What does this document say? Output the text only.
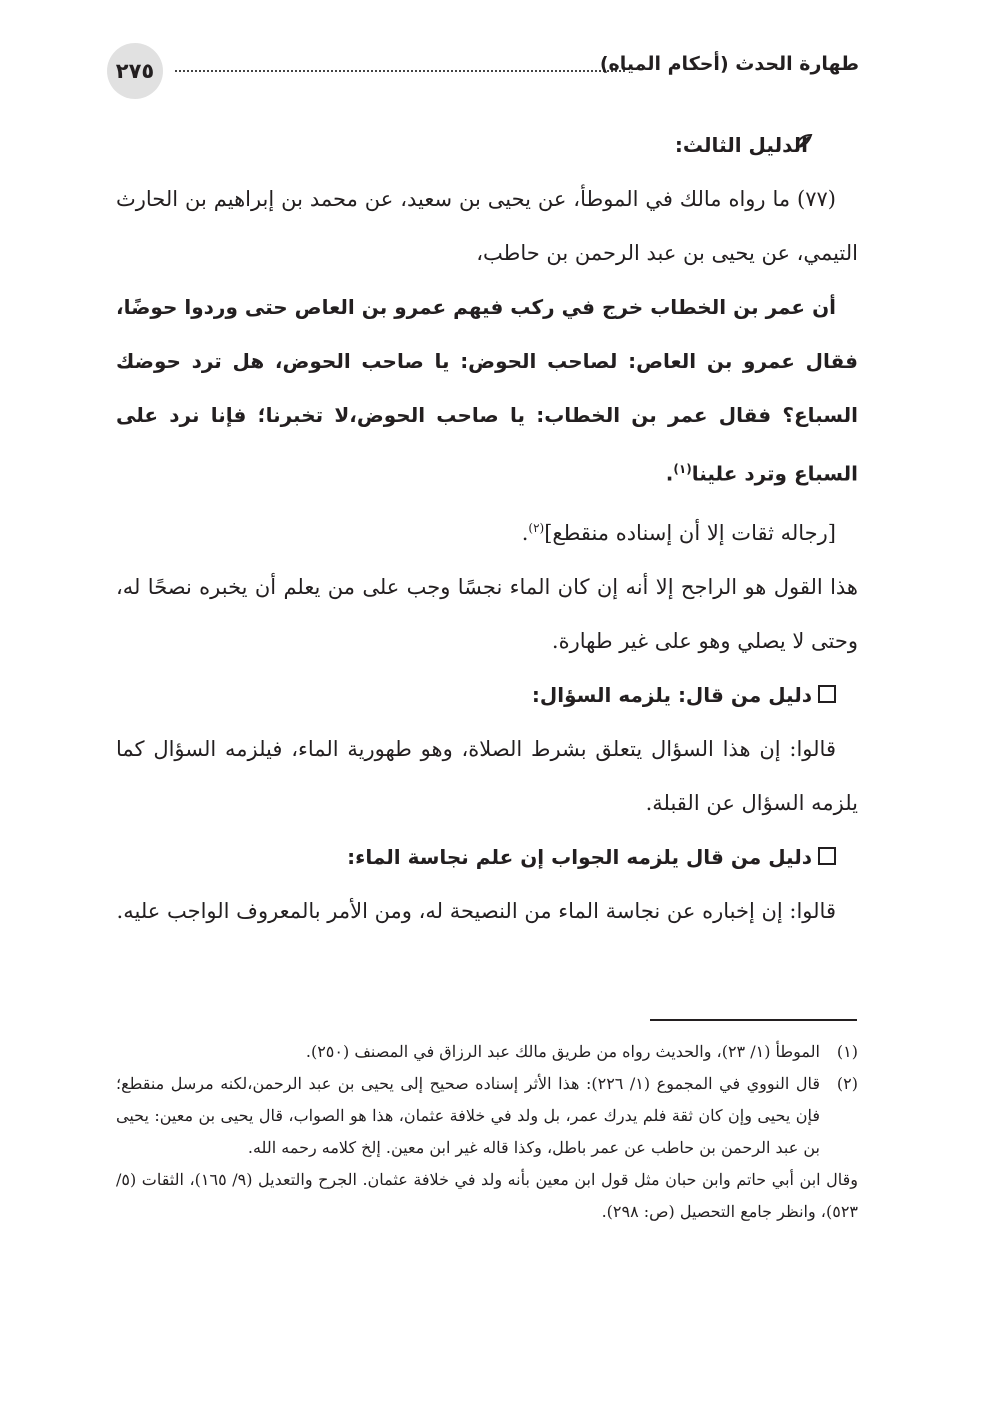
٢٧٥	طهارة الحدث (أحكام المياه)

الدليل الثالث:

(٧٧) ما رواه مالك في الموطأ، عن يحيى بن سعيد، عن محمد بن إبراهيم بن الحارث التيمي، عن يحيى بن عبد الرحمن بن حاطب،

أن عمر بن الخطاب خرج في ركب فيهم عمرو بن العاص حتى وردوا حوضًا، فقال عمرو بن العاص: لصاحب الحوض: يا صاحب الحوض، هل ترد حوضك السباع؟ فقال عمر بن الخطاب: يا صاحب الحوض،لا تخبرنا؛ فإنا نرد على السباع وترد علينا$^{(١)}$.

[رجاله ثقات إلا أن إسناده منقطع]$^{(٢)}$.

هذا القول هو الراجح إلا أنه إن كان الماء نجسًا وجب على من يعلم أن يخبره نصحًا له، وحتى لا يصلي وهو على غير طهارة.

دليل من قال: يلزمه السؤال:

قالوا: إن هذا السؤال يتعلق بشرط الصلاة، وهو طهورية الماء، فيلزمه السؤال كما يلزمه السؤال عن القبلة.

دليل من قال يلزمه الجواب إن علم نجاسة الماء:

قالوا: إن إخباره عن نجاسة الماء من النصيحة له، ومن الأمر بالمعروف الواجب عليه.

(١)
الموطأ (١/ ٢٣)، والحديث رواه من طريق مالك عبد الرزاق في المصنف (٢٥٠).
(٢)
قال النووي في المجموع (١/ ٢٢٦): هذا الأثر إسناده صحيح إلى يحيى بن عبد الرحمن،لكنه مرسل منقطع؛ فإن يحيى وإن كان ثقة فلم يدرك عمر، بل ولد في خلافة عثمان، هذا هو الصواب، قال يحيى بن معين: يحيى بن عبد الرحمن بن حاطب عن عمر باطل، وكذا قاله غير ابن معين. إلخ كلامه رحمه الله.
وقال ابن أبي حاتم وابن حبان مثل قول ابن معين بأنه ولد في خلافة عثمان. الجرح والتعديل (٩/ ١٦٥)، الثقات (٥/ ٥٢٣)، وانظر جامع التحصيل (ص: ٢٩٨).
